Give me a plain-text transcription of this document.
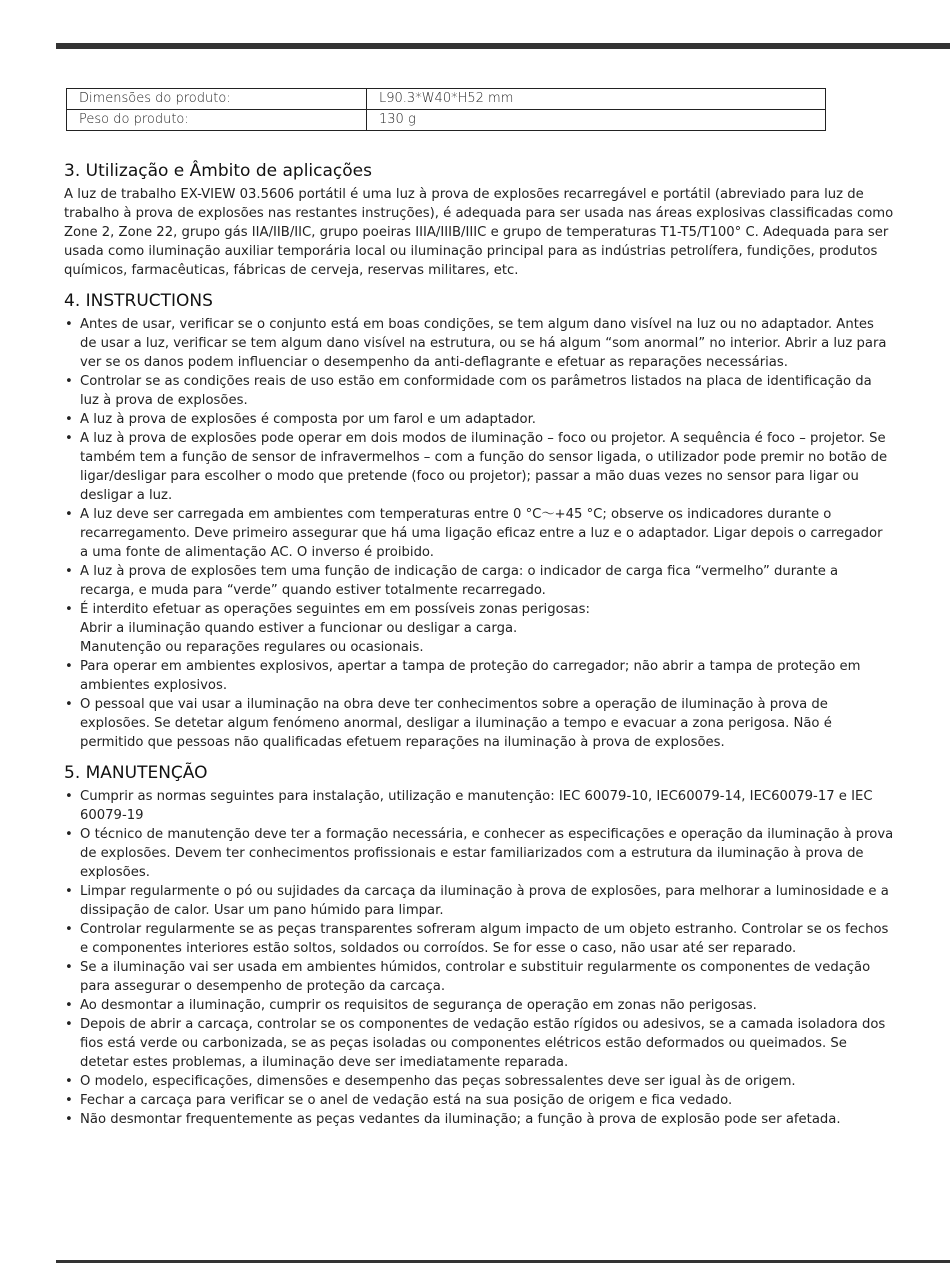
Dimensões do produto:	L90.3*W40*H52 mm
Peso do produto:	130 g
3. Utilização e Âmbito de aplicações

A luz de trabalho EX-VIEW 03.5606 portátil é uma luz à prova de explosões recarregável e portátil (abreviado para luz de trabalho à prova de explosões nas restantes instruções), é adequada para ser usada nas áreas explosivas classificadas como Zone 2, Zone 22, grupo gás IIA/IIB/IIC, grupo poeiras IIIA/IIIB/IIIC e grupo de temperaturas T1-T5/T100° C. Adequada para ser usada como iluminação auxiliar temporária local ou iluminação principal para as indústrias petrolífera, fundições, produtos químicos, farmacêuticas, fábricas de cerveja, reservas militares, etc.

4. INSTRUCTIONS
• Antes de usar, verificar se o conjunto está em boas condições, se tem algum dano visível na luz ou no adaptador. Antes de usar a luz, verificar se tem algum dano visível na estrutura, ou se há algum “som anormal” no interior. Abrir a luz para ver se os danos podem influenciar o desempenho da anti-deflagrante e efetuar as reparações necessárias.
• Controlar se as condições reais de uso estão em conformidade com os parâmetros listados na placa de identificação da luz à prova de explosões.
• A luz à prova de explosões é composta por um farol e um adaptador.
• A luz à prova de explosões pode operar em dois modos de iluminação – foco ou projetor. A sequência é foco – projetor. Se também tem a função de sensor de infravermelhos – com a função do sensor ligada, o utilizador pode premir no botão de ligar/desligar para escolher o modo que pretende (foco ou projetor); passar a mão duas vezes no sensor para ligar ou desligar a luz.
• A luz deve ser carregada em ambientes com temperaturas entre 0 °C～+45 °C; observe os indicadores durante o recarregamento. Deve primeiro assegurar que há uma ligação eficaz entre a luz e o adaptador. Ligar depois o carregador a uma fonte de alimentação AC. O inverso é proibido.
• A luz à prova de explosões tem uma função de indicação de carga: o indicador de carga fica “vermelho” durante a recarga, e muda para “verde” quando estiver totalmente recarregado.
• É interdito efetuar as operações seguintes em em possíveis zonas perigosas:
Abrir a iluminação quando estiver a funcionar ou desligar a carga.
Manutenção ou reparações regulares ou ocasionais.
• Para operar em ambientes explosivos, apertar a tampa de proteção do carregador; não abrir a tampa de proteção em ambientes explosivos.
• O pessoal que vai usar a iluminação na obra deve ter conhecimentos sobre a operação de iluminação à prova de explosões. Se detetar algum fenómeno anormal, desligar a iluminação a tempo e evacuar a zona perigosa. Não é permitido que pessoas não qualificadas efetuem reparações na iluminação à prova de explosões.
5. MANUTENÇÃO
• Cumprir as normas seguintes para instalação, utilização e manutenção: IEC 60079-10, IEC60079-14, IEC60079-17 e IEC 60079-19
• O técnico de manutenção deve ter a formação necessária, e conhecer as especificações e operação da iluminação à prova de explosões. Devem ter conhecimentos profissionais e estar familiarizados com a estrutura da iluminação à prova de explosões.
• Limpar regularmente o pó ou sujidades da carcaça da iluminação à prova de explosões, para melhorar a luminosidade e a dissipação de calor. Usar um pano húmido para limpar.
• Controlar regularmente se as peças transparentes sofreram algum impacto de um objeto estranho. Controlar se os fechos e componentes interiores estão soltos, soldados ou corroídos. Se for esse o caso, não usar até ser reparado.
• Se a iluminação vai ser usada em ambientes húmidos, controlar e substituir regularmente os componentes de vedação para assegurar o desempenho de proteção da carcaça.
• Ao desmontar a iluminação, cumprir os requisitos de segurança de operação em zonas não perigosas.
• Depois de abrir a carcaça, controlar se os componentes de vedação estão rígidos ou adesivos, se a camada isoladora dos fios está verde ou carbonizada, se as peças isoladas ou componentes elétricos estão deformados ou queimados. Se detetar estes problemas, a iluminação deve ser imediatamente reparada.
• O modelo, especificações, dimensões e desempenho das peças sobressalentes deve ser igual às de origem.
• Fechar a carcaça para verificar se o anel de vedação está na sua posição de origem e fica vedado.
• Não desmontar frequentemente as peças vedantes da iluminação; a função à prova de explosão pode ser afetada.
